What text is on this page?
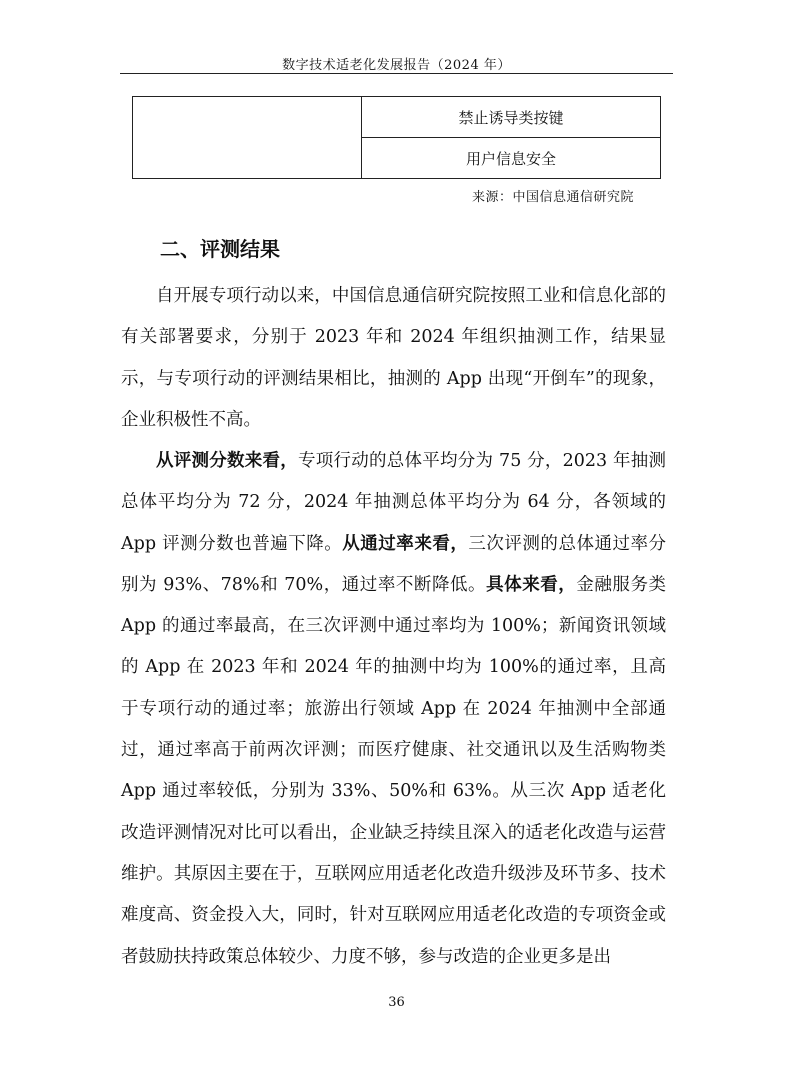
数字技术适老化发展报告（2024 年）
	禁止诱导类按键
用户信息安全
来源：中国信息通信研究院
二、评测结果

自开展专项行动以来，中国信息通信研究院按照工业和信息化部的有关部署要求，分别于 2023 年和 2024 年组织抽测工作，结果显示，与专项行动的评测结果相比，抽测的 App 出现“开倒车”的现象，企业积极性不高。

从评测分数来看，专项行动的总体平均分为 75 分，2023 年抽测总体平均分为 72 分，2024 年抽测总体平均分为 64 分，各领域的 App 评测分数也普遍下降。从通过率来看，三次评测的总体通过率分别为 93%、78%和 70%，通过率不断降低。具体来看，金融服务类 App 的通过率最高，在三次评测中通过率均为 100%；新闻资讯领域的 App 在 2023 年和 2024 年的抽测中均为 100%的通过率，且高于专项行动的通过率；旅游出行领域 App 在 2024 年抽测中全部通过，通过率高于前两次评测；而医疗健康、社交通讯以及生活购物类 App 通过率较低，分别为 33%、50%和 63%。从三次 App 适老化改造评测情况对比可以看出，企业缺乏持续且深入的适老化改造与运营维护。其原因主要在于，互联网应用适老化改造升级涉及环节多、技术难度高、资金投入大，同时，针对互联网应用适老化改造的专项资金或者鼓励扶持政策总体较少、力度不够，参与改造的企业更多是出

36
